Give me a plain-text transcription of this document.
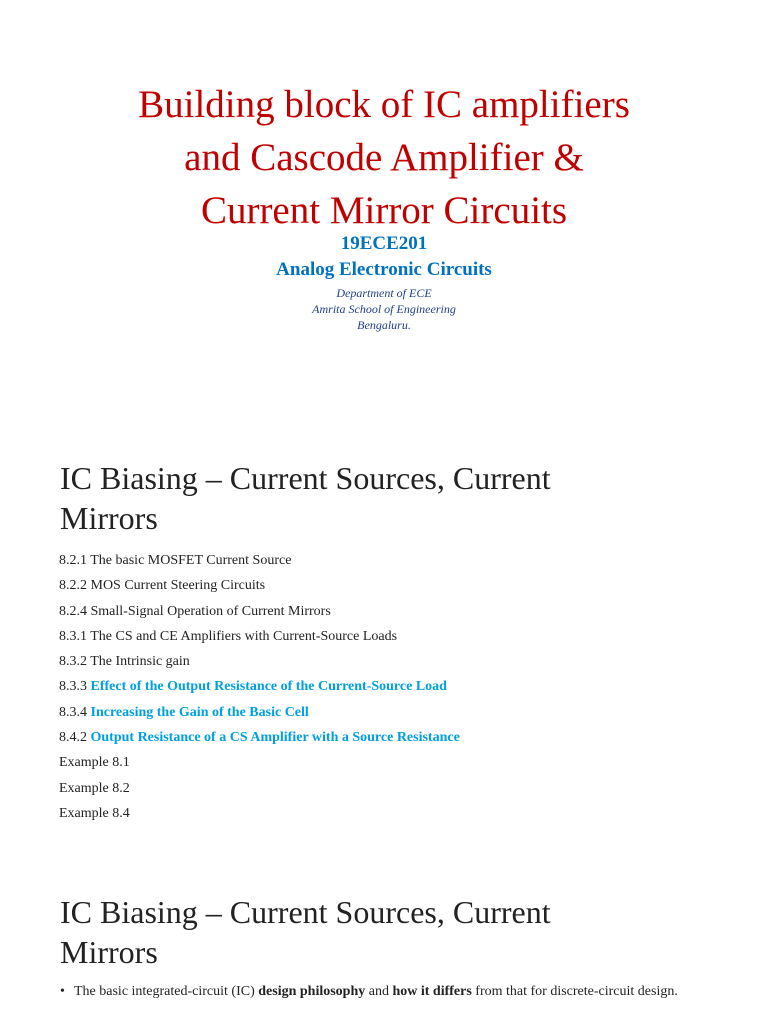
Building block of IC amplifiers
and Cascode Amplifier &
Current Mirror Circuits
19ECE201
Analog Electronic Circuits
Department of ECE
Amrita School of Engineering
Bengaluru.
IC Biasing – Current Sources, Current
Mirrors
8.2.1 The basic MOSFET Current Source
8.2.2 MOS Current Steering Circuits
8.2.4 Small-Signal Operation of Current Mirrors
8.3.1 The CS and CE Amplifiers with Current-Source Loads
8.3.2 The Intrinsic gain
8.3.3 Effect of the Output Resistance of the Current-Source Load
8.3.4 Increasing the Gain of the Basic Cell
8.4.2 Output Resistance of a CS Amplifier with a Source Resistance
Example 8.1
Example 8.2
Example 8.4
IC Biasing – Current Sources, Current
Mirrors
• The basic integrated-circuit (IC) design philosophy and how it differs from that for discrete-circuit design.
